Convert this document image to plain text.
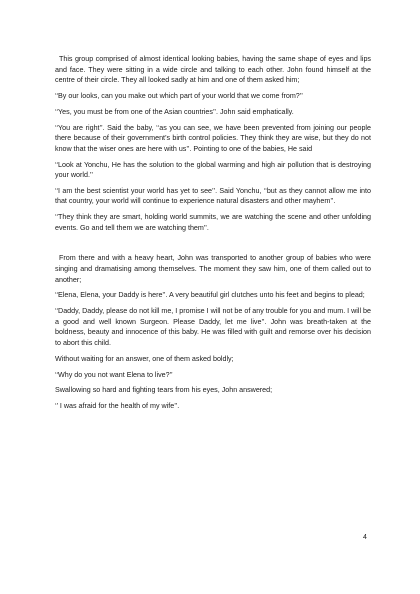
This group comprised of almost identical looking babies, having the same shape of eyes and lips and face. They were sitting in a wide circle and talking to each other. John found himself at the centre of their circle. They all looked sadly at him and one of them asked him;

‘‘By our looks, can you make out which part of your world that we come from?’’

‘‘Yes, you must be from one of the Asian countries’’. John said emphatically.

‘‘You are right’’. Said the baby, ‘‘as you can see, we have been prevented from joining our people there because of their government’s birth control policies. They think they are wise, but they do not know that the wiser ones are here with us’’. Pointing to one of the babies, He said

‘‘Look at Yonchu, He has the solution to the global warming and high air pollution that is destroying your world.’’

‘‘I am the best scientist your world has yet to see’’. Said Yonchu, ‘‘but as they cannot allow me into that country, your world will continue to experience natural disasters and other mayhem’’.

‘‘They think they are smart, holding world summits, we are watching the scene and other unfolding events. Go and tell them we are watching them’’.

From there and with a heavy heart, John was transported to another group of babies who were singing and dramatising among themselves. The moment they saw him, one of them called out to another;

‘‘Elena, Elena, your Daddy is here’’. A very beautiful girl clutches unto his feet and begins to plead;

‘‘Daddy, Daddy, please do not kill me, I promise I will not be of any trouble for you and mum. I will be a good and well known Surgeon. Please Daddy, let me live’’. John was breath-taken at the boldness, beauty and innocence of this baby. He was filled with guilt and remorse over his decision to abort this child.

Without waiting for an answer, one of them asked boldly;

‘‘Why do you not want Elena to live?’’

Swallowing so hard and fighting tears from his eyes, John answered;

‘’ I was afraid for the health of my wife’’.

4
